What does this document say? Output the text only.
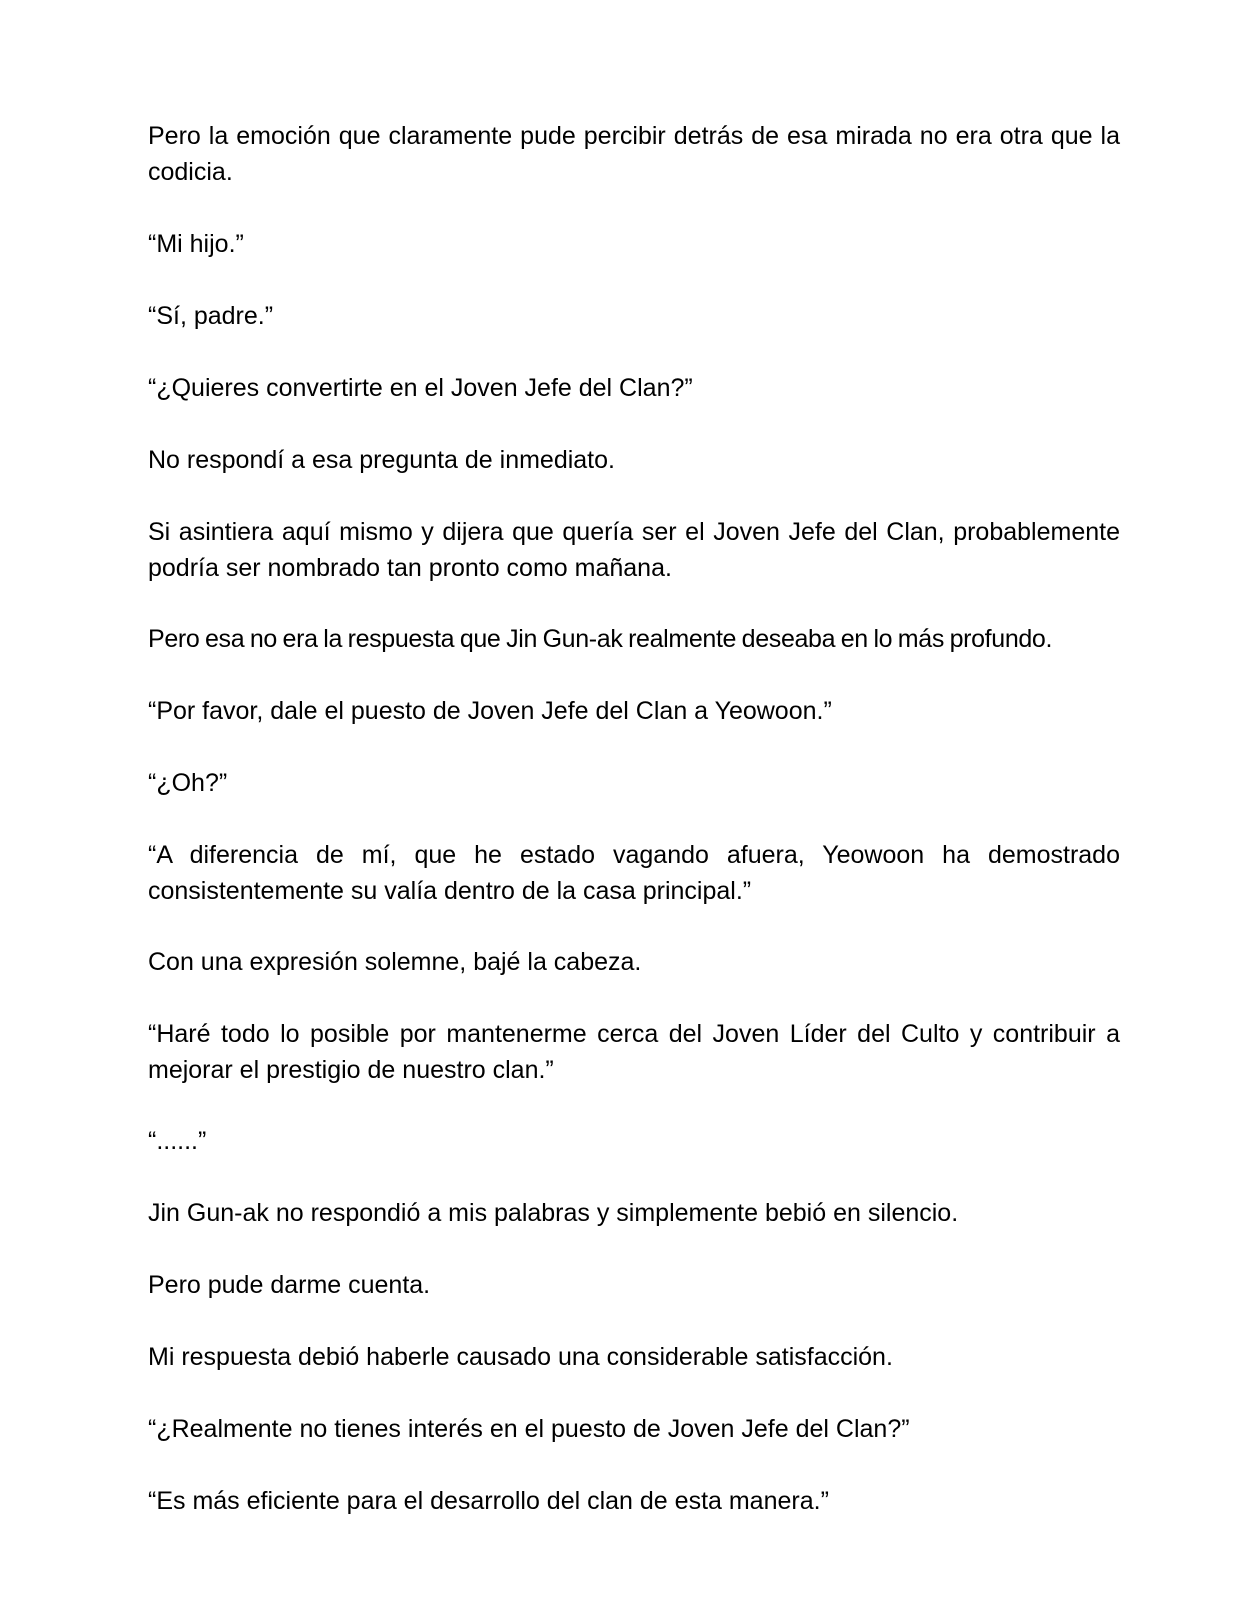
Pero la emoción que claramente pude percibir detrás de esa mirada no era otra que la codicia.

“Mi hijo.”

“Sí, padre.”

“¿Quieres convertirte en el Joven Jefe del Clan?”

No respondí a esa pregunta de inmediato.

Si asintiera aquí mismo y dijera que quería ser el Joven Jefe del Clan, probablemente podría ser nombrado tan pronto como mañana.

Pero esa no era la respuesta que Jin Gun-ak realmente deseaba en lo más profundo.

“Por favor, dale el puesto de Joven Jefe del Clan a Yeowoon.”

“¿Oh?”

“A diferencia de mí, que he estado vagando afuera, Yeowoon ha demostrado consistentemente su valía dentro de la casa principal.”

Con una expresión solemne, bajé la cabeza.

“Haré todo lo posible por mantenerme cerca del Joven Líder del Culto y contribuir a mejorar el prestigio de nuestro clan.”

“......”

Jin Gun-ak no respondió a mis palabras y simplemente bebió en silencio.

Pero pude darme cuenta.

Mi respuesta debió haberle causado una considerable satisfacción.

“¿Realmente no tienes interés en el puesto de Joven Jefe del Clan?”

“Es más eficiente para el desarrollo del clan de esta manera.”
